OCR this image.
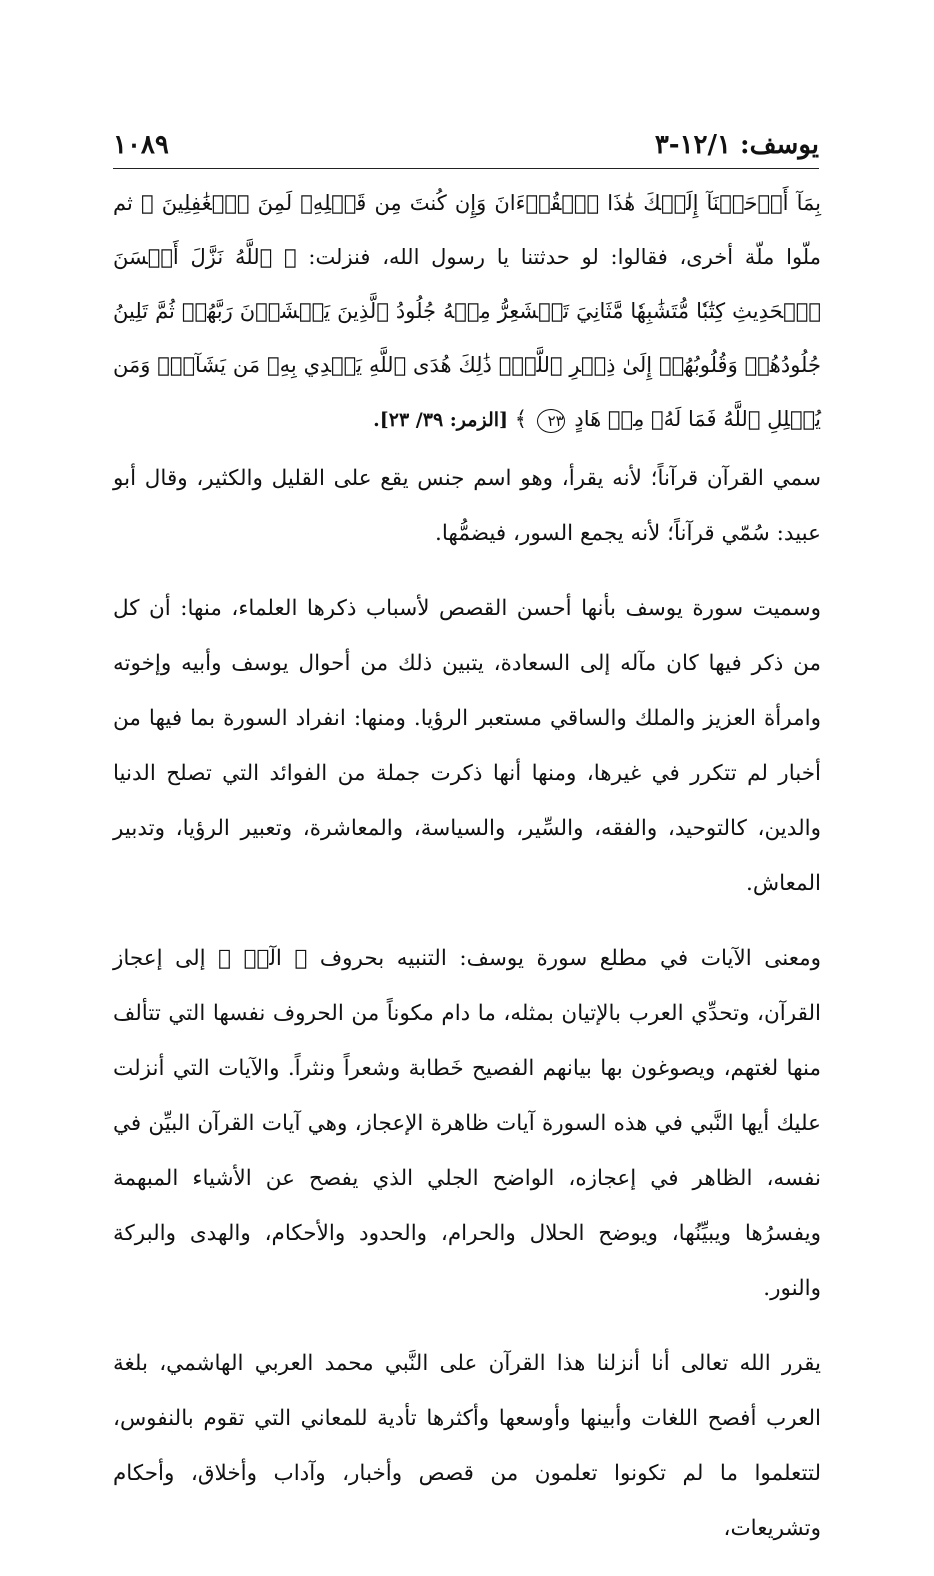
يوسف: ١٢/١-٣
١٠٨٩

بِمَآ أَوۡحَيۡنَآ إِلَيۡكَ هَٰذَا ٱلۡقُرۡءَانَ وَإِن كُنتَ مِن قَبۡلِهِۦ لَمِنَ ٱلۡغَٰفِلِينَ ﴾ ثم ملّوا ملّة أخرى، فقالوا: لو حدثتنا يا رسول الله، فنزلت: ﴿ ٱللَّهُ نَزَّلَ أَحۡسَنَ ٱلۡحَدِيثِ كِتَٰبٗا مُّتَشَٰبِهٗا مَّثَانِيَ تَقۡشَعِرُّ مِنۡهُ جُلُودُ ٱلَّذِينَ يَخۡشَوۡنَ رَبَّهُمۡ ثُمَّ تَلِينُ جُلُودُهُمۡ وَقُلُوبُهُمۡ إِلَىٰ ذِكۡرِ ٱللَّهِۚ ذَٰلِكَ هُدَى ٱللَّهِ يَهۡدِي بِهِۦ مَن يَشَآءُۚ وَمَن يُضۡلِلِ ٱللَّهُ فَمَا لَهُۥ مِنۡ هَادٍ ٢٣ ﴾ [الزمر: ٣٩/ ٢٣].

سمي القرآن قرآناً؛ لأنه يقرأ، وهو اسم جنس يقع على القليل والكثير، وقال أبو عبيد: سُمّي قرآناً؛ لأنه يجمع السور، فيضمُّها.

وسميت سورة يوسف بأنها أحسن القصص لأسباب ذكرها العلماء، منها: أن كل من ذكر فيها كان مآله إلى السعادة، يتبين ذلك من أحوال يوسف وأبيه وإخوته وامرأة العزيز والملك والساقي مستعبر الرؤيا. ومنها: انفراد السورة بما فيها من أخبار لم تتكرر في غيرها، ومنها أنها ذكرت جملة من الفوائد التي تصلح الدنيا والدين، كالتوحيد، والفقه، والسِّير، والسياسة، والمعاشرة، وتعبير الرؤيا، وتدبير المعاش.

ومعنى الآيات في مطلع سورة يوسف: التنبيه بحروف ﴿ الٓرۚ ﴾ إلى إعجاز القرآن، وتحدِّي العرب بالإتيان بمثله، ما دام مكوناً من الحروف نفسها التي تتألف منها لغتهم، ويصوغون بها بيانهم الفصيح خَطابة وشعراً ونثراً. والآيات التي أنزلت عليك أيها النَّبي في هذه السورة آيات ظاهرة الإعجاز، وهي آيات القرآن البيِّن في نفسه، الظاهر في إعجازه، الواضح الجلي الذي يفصح عن الأشياء المبهمة ويفسرُها ويبيِّنُها، ويوضح الحلال والحرام، والحدود والأحكام، والهدى والبركة والنور.

يقرر الله تعالى أنا أنزلنا هذا القرآن على النَّبي محمد العربي الهاشمي، بلغة العرب أفصح اللغات وأبينها وأوسعها وأكثرها تأدية للمعاني التي تقوم بالنفوس، لتتعلموا ما لم تكونوا تعلمون من قصص وأخبار، وآداب وأخلاق، وأحكام وتشريعات،
